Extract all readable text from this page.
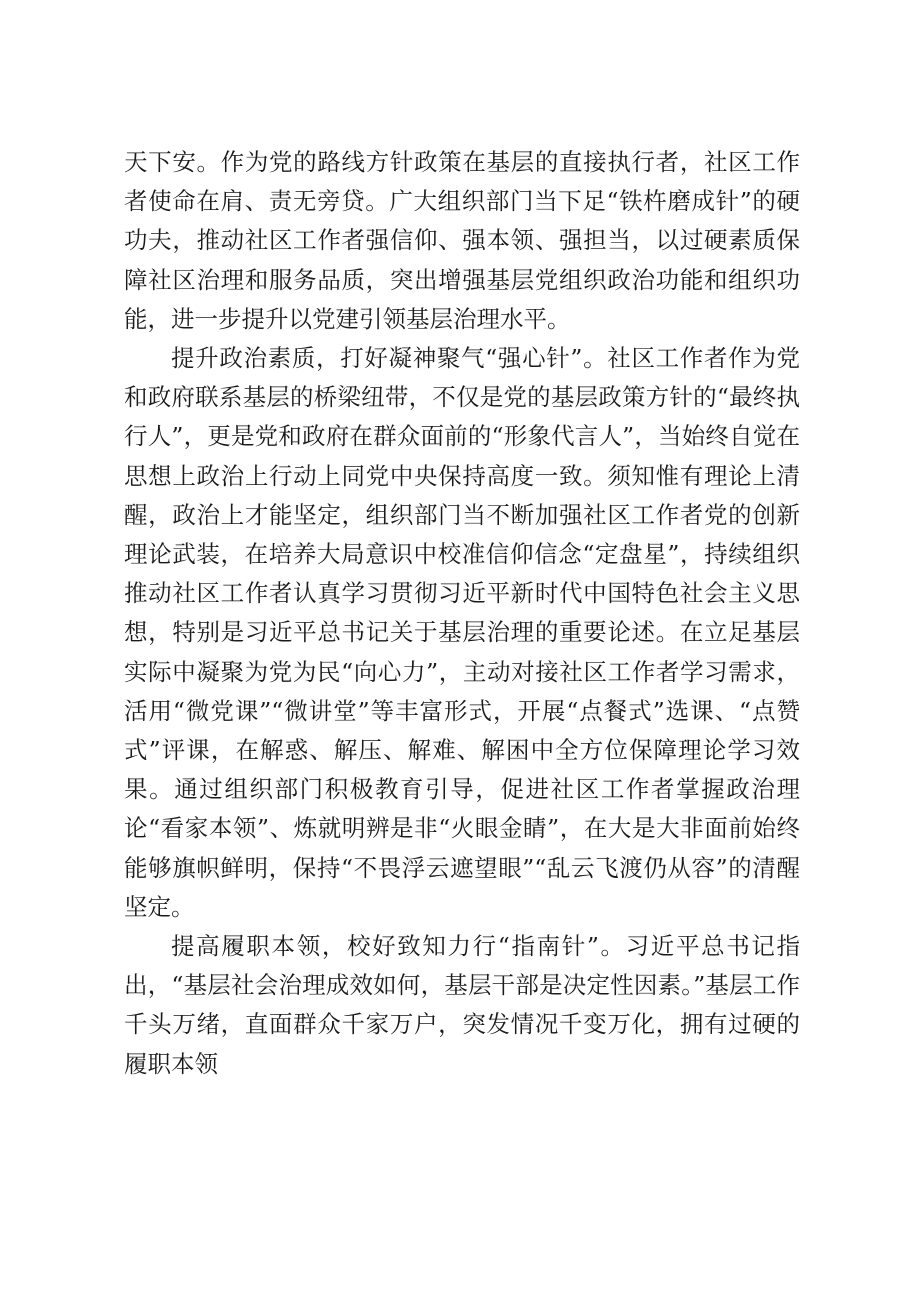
天下安。作为党的路线方针政策在基层的直接执行者，社区工作者使命在肩、责无旁贷。广大组织部门当下足“铁杵磨成针”的硬功夫，推动社区工作者强信仰、强本领、强担当，以过硬素质保障社区治理和服务品质，突出增强基层党组织政治功能和组织功能，进一步提升以党建引领基层治理水平。

提升政治素质，打好凝神聚气“强心针”。社区工作者作为党和政府联系基层的桥梁纽带，不仅是党的基层政策方针的“最终执行人”，更是党和政府在群众面前的“形象代言人”，当始终自觉在思想上政治上行动上同党中央保持高度一致。须知惟有理论上清醒，政治上才能坚定，组织部门当不断加强社区工作者党的创新理论武装，在培养大局意识中校准信仰信念“定盘星”，持续组织推动社区工作者认真学习贯彻习近平新时代中国特色社会主义思想，特别是习近平总书记关于基层治理的重要论述。在立足基层实际中凝聚为党为民“向心力”，主动对接社区工作者学习需求，活用“微党课”“微讲堂”等丰富形式，开展“点餐式”选课、“点赞式”评课，在解惑、解压、解难、解困中全方位保障理论学习效果。通过组织部门积极教育引导，促进社区工作者掌握政治理论“看家本领”、炼就明辨是非“火眼金睛”，在大是大非面前始终能够旗帜鲜明，保持“不畏浮云遮望眼”“乱云飞渡仍从容”的清醒坚定。

提高履职本领，校好致知力行“指南针”。习近平总书记指出，“基层社会治理成效如何，基层干部是决定性因素。”基层工作千头万绪，直面群众千家万户，突发情况千变万化，拥有过硬的履职本领
